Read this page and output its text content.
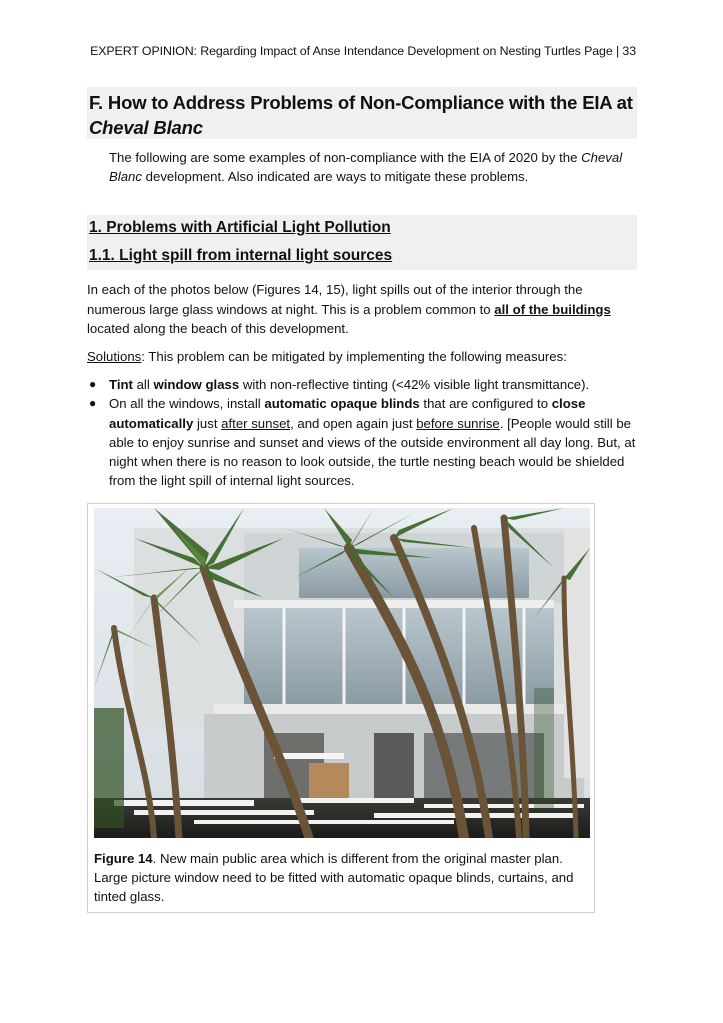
EXPERT OPINION: Regarding Impact of Anse Intendance Development on Nesting Turtles Page | 33
F. How to Address Problems of Non-Compliance with the EIA at
Cheval Blanc

The following are some examples of non-compliance with the EIA of 2020 by the Cheval Blanc development. Also indicated are ways to mitigate these problems.

1. Problems with Artificial Light Pollution
1.1. Light spill from internal light sources

In each of the photos below (Figures 14, 15), light spills out of the interior through the numerous large glass windows at night. This is a problem common to all of the buildings located along the beach of this development.

Solutions: This problem can be mitigated by implementing the following measures:

● Tint all window glass with non-reflective tinting (<42% visible light transmittance).
● On all the windows, install automatic opaque blinds that are configured to close automatically just after sunset, and open again just before sunrise. [People would still be able to enjoy sunrise and sunset and views of the outside environment all day long. But, at night when there is no reason to look outside, the turtle nesting beach would be shielded from the light spill of internal light sources.

Figure 14. New main public area which is different from the original master plan. Large picture window need to be fitted with automatic opaque blinds, curtains, and tinted glass.
